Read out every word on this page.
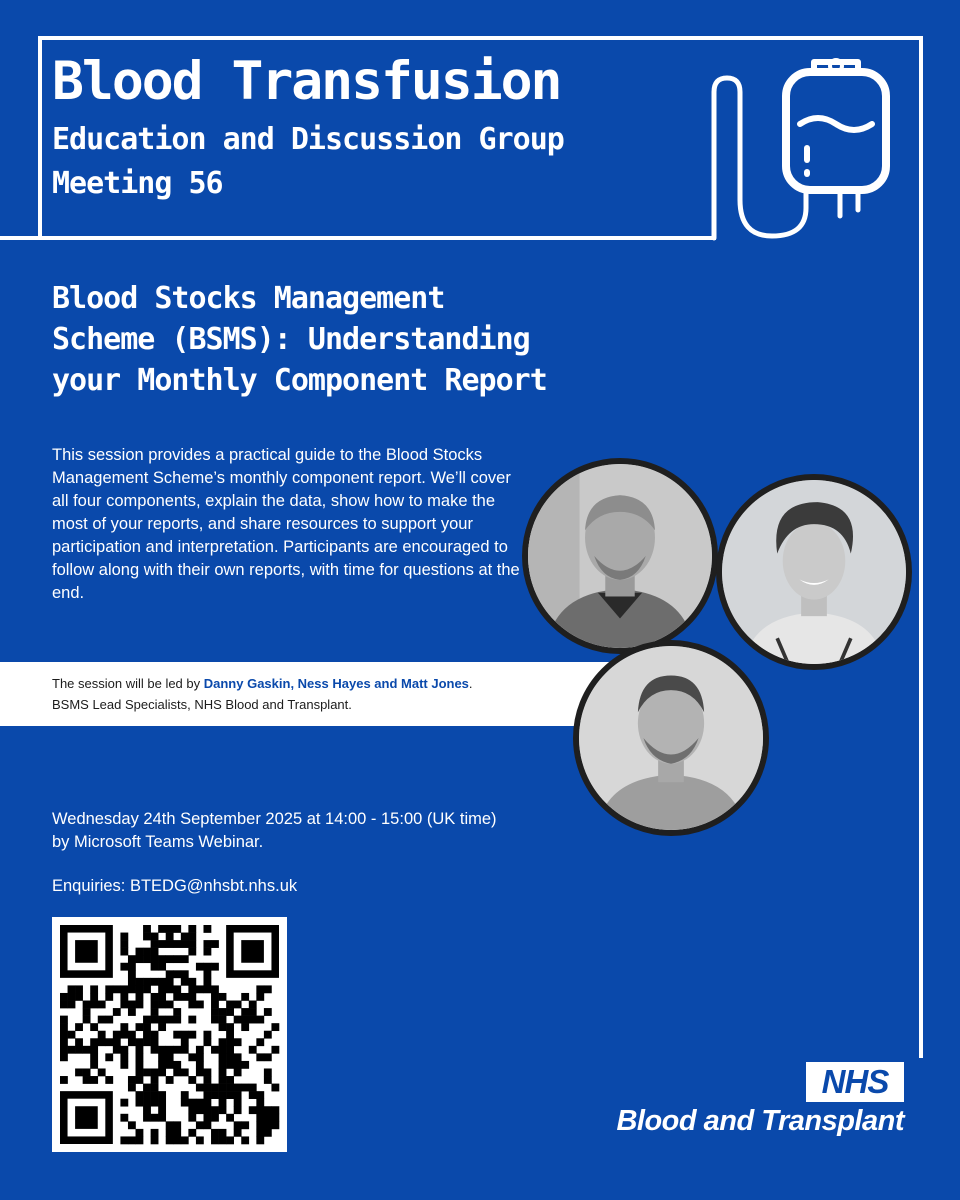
Blood Transfusion
Education and Discussion Group
Meeting 56
Blood Stocks Management
Scheme (BSMS): Understanding
your Monthly Component Report

This session provides a practical guide to the Blood Stocks Management Scheme’s monthly component report. We’ll cover all four components, explain the data, show how to make the most of your reports, and share resources to support your participation and interpretation. Participants are encouraged to follow along with their own reports, with time for questions at the end.

The session will be led by Danny Gaskin, Ness Hayes and Matt Jones.

BSMS Lead Specialists, NHS Blood and Transplant.

Wednesday 24th September 2025 at 14:00 - 15:00 (UK time)
by Microsoft Teams Webinar.

Enquiries: BTEDG@nhsbt.nhs.uk

NHS

Blood and Transplant
